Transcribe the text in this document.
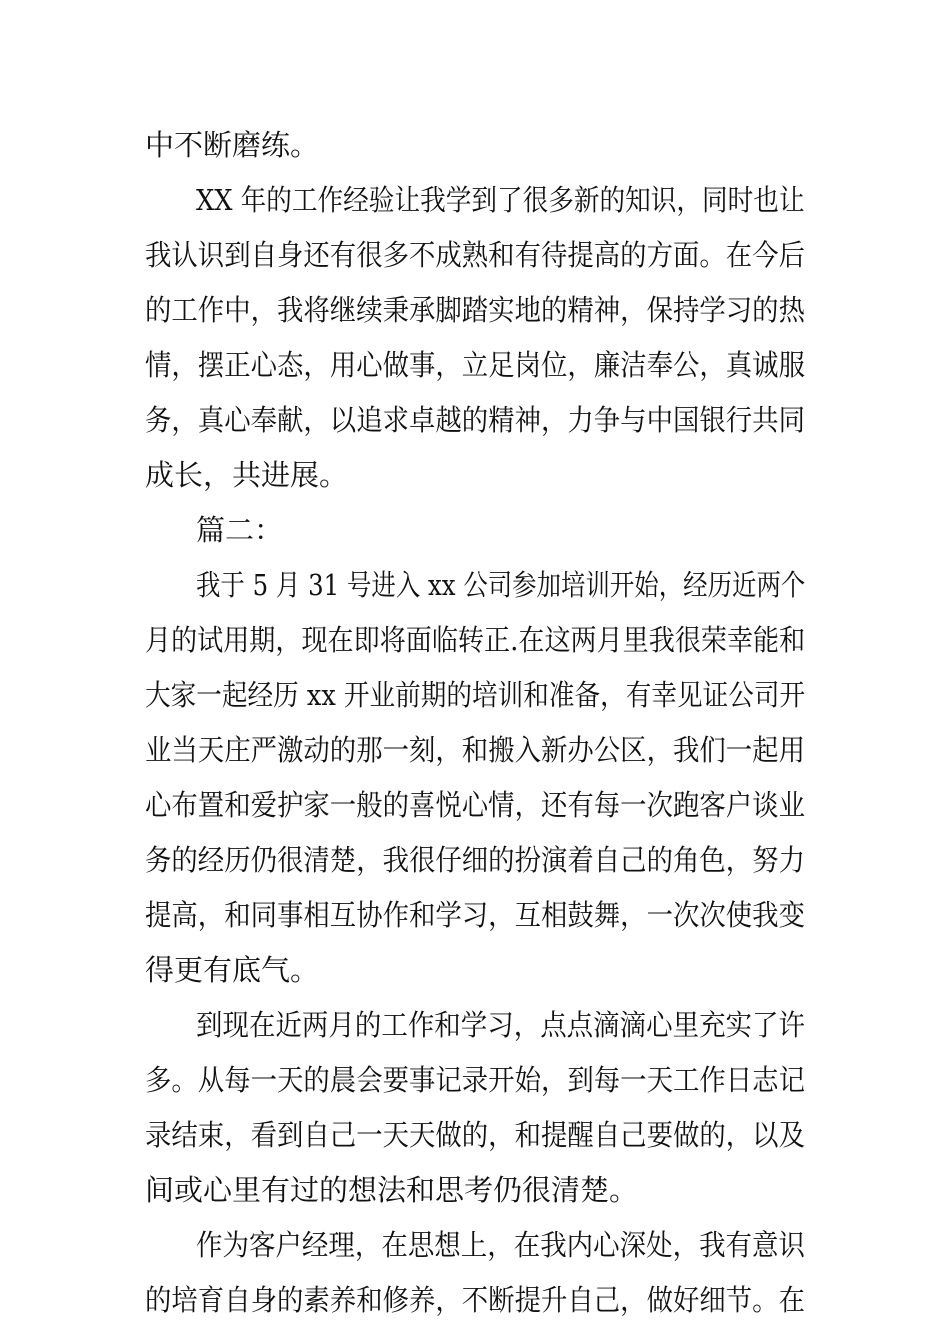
中不断磨练。
XX 年的工作经验让我学到了很多新的知识，同时也让
我认识到自身还有很多不成熟和有待提高的方面。在今后
的工作中，我将继续秉承脚踏实地的精神，保持学习的热
情，摆正心态，用心做事，立足岗位，廉洁奉公，真诚服
务，真心奉献，以追求卓越的精神，力争与中国银行共同
成长，共进展。
篇二：
我于 5 月 31 号进入 xx 公司参加培训开始，经历近两个
月的试用期，现在即将面临转正.在这两月里我很荣幸能和
大家一起经历 xx 开业前期的培训和准备，有幸见证公司开
业当天庄严激动的那一刻，和搬入新办公区，我们一起用
心布置和爱护家一般的喜悦心情，还有每一次跑客户谈业
务的经历仍很清楚，我很仔细的扮演着自己的角色，努力
提高，和同事相互协作和学习，互相鼓舞，一次次使我变
得更有底气。
到现在近两月的工作和学习，点点滴滴心里充实了许
多。从每一天的晨会要事记录开始，到每一天工作日志记
录结束，看到自己一天天做的，和提醒自己要做的，以及
间或心里有过的想法和思考仍很清楚。
作为客户经理，在思想上，在我内心深处，我有意识
的培育自身的素养和修养，不断提升自己，做好细节。在
